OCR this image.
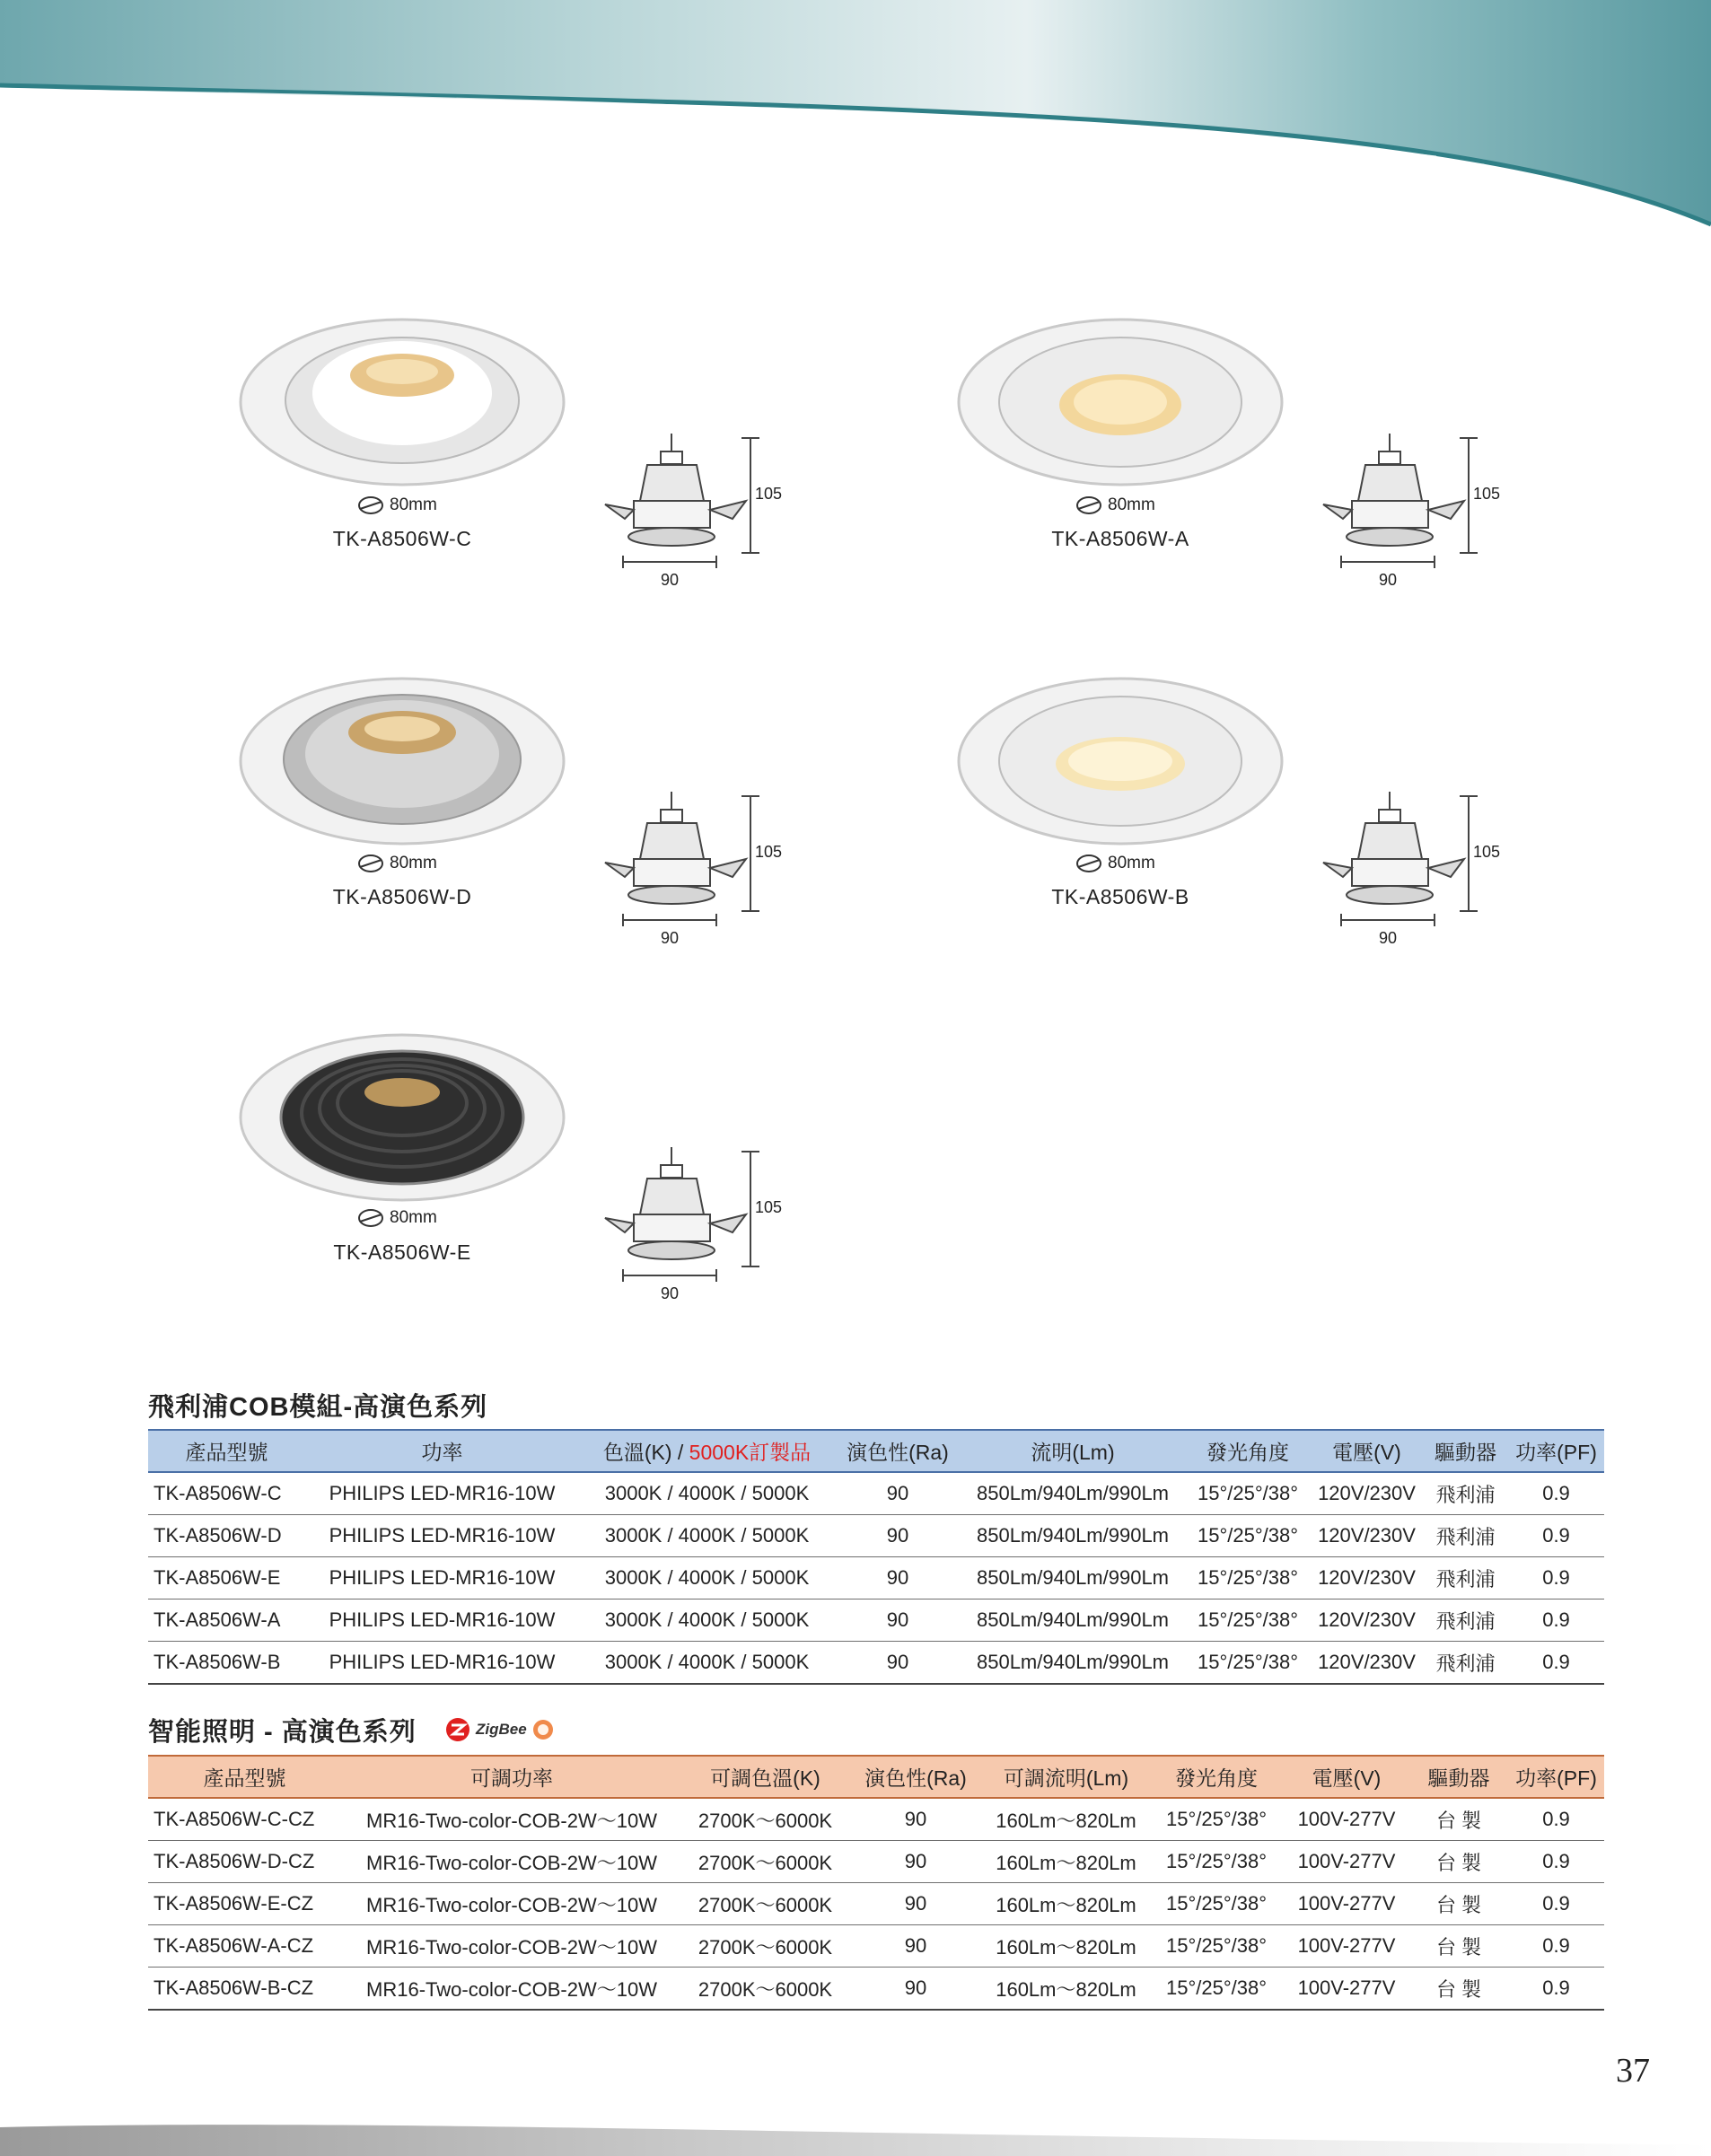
80mm
TK-A8506W-C
105
90
80mm
TK-A8506W-A
105
90
80mm
TK-A8506W-D
105
90
80mm
TK-A8506W-B
105
90
80mm
TK-A8506W-E
105
90
飛利浦COB模組-高演色系列
產品型號	功率	色溫(K) / 5000K訂製品	演色性(Ra)	流明(Lm)	發光角度	電壓(V)	驅動器	功率(PF)
TK-A8506W-C	PHILIPS LED-MR16-10W	3000K / 4000K / 5000K	90	850Lm/940Lm/990Lm	15°/25°/38°	120V/230V	飛利浦	0.9
TK-A8506W-D	PHILIPS LED-MR16-10W	3000K / 4000K / 5000K	90	850Lm/940Lm/990Lm	15°/25°/38°	120V/230V	飛利浦	0.9
TK-A8506W-E	PHILIPS LED-MR16-10W	3000K / 4000K / 5000K	90	850Lm/940Lm/990Lm	15°/25°/38°	120V/230V	飛利浦	0.9
TK-A8506W-A	PHILIPS LED-MR16-10W	3000K / 4000K / 5000K	90	850Lm/940Lm/990Lm	15°/25°/38°	120V/230V	飛利浦	0.9
TK-A8506W-B	PHILIPS LED-MR16-10W	3000K / 4000K / 5000K	90	850Lm/940Lm/990Lm	15°/25°/38°	120V/230V	飛利浦	0.9
智能照明 - 高演色系列	ZigBee
產品型號	可調功率	可調色溫(K)	演色性(Ra)	可調流明(Lm)	發光角度	電壓(V)	驅動器	功率(PF)
TK-A8506W-C-CZ	MR16-Two-color-COB-2W～10W	2700K～6000K	90	160Lm～820Lm	15°/25°/38°	100V-277V	台 製	0.9
TK-A8506W-D-CZ	MR16-Two-color-COB-2W～10W	2700K～6000K	90	160Lm～820Lm	15°/25°/38°	100V-277V	台 製	0.9
TK-A8506W-E-CZ	MR16-Two-color-COB-2W～10W	2700K～6000K	90	160Lm～820Lm	15°/25°/38°	100V-277V	台 製	0.9
TK-A8506W-A-CZ	MR16-Two-color-COB-2W～10W	2700K～6000K	90	160Lm～820Lm	15°/25°/38°	100V-277V	台 製	0.9
TK-A8506W-B-CZ	MR16-Two-color-COB-2W～10W	2700K～6000K	90	160Lm～820Lm	15°/25°/38°	100V-277V	台 製	0.9
37
